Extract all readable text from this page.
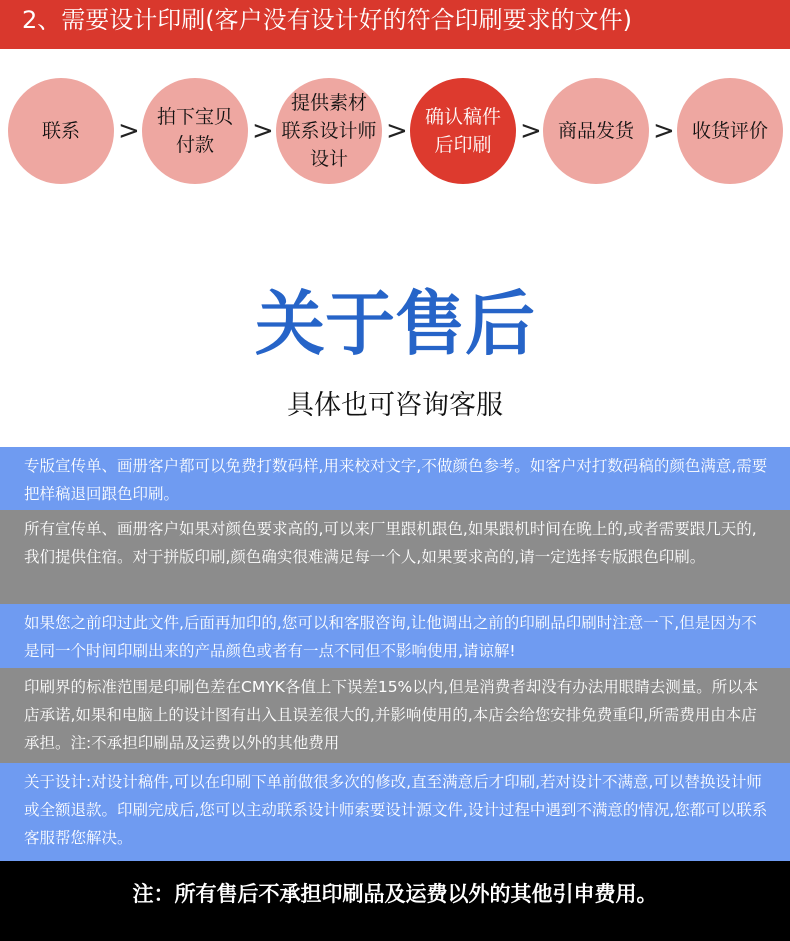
2、需要设计印刷(客户没有设计好的符合印刷要求的文件)
联系 > 拍下宝贝
付款	>
提供素材
联系设计师
设计
> 确认稿件
后印刷	> 商品发货 > 收货评价
关于售后
具体也可咨询客服
专版宣传单、画册客户都可以免费打数码样,用来校对文字,不做颜色参考。如客户对打数码稿的颜色满意,需要把样稿退回跟色印刷。
所有宣传单、画册客户如果对颜色要求高的,可以来厂里跟机跟色,如果跟机时间在晚上的,或者需要跟几天的,我们提供住宿。对于拼版印刷,颜色确实很难满足每一个人,如果要求高的,请一定选择专版跟色印刷。
如果您之前印过此文件,后面再加印的,您可以和客服咨询,让他调出之前的印刷品印刷时注意一下,但是因为不是同一个时间印刷出来的产品颜色或者有一点不同但不影响使用,请谅解!
印刷界的标准范围是印刷色差在CMYK各值上下误差15%以内,但是消费者却没有办法用眼睛去测量。所以本店承诺,如果和电脑上的设计图有出入且误差很大的,并影响使用的,本店会给您安排免费重印,所需费用由本店承担。注:不承担印刷品及运费以外的其他费用
关于设计:对设计稿件,可以在印刷下单前做很多次的修改,直至满意后才印刷,若对设计不满意,可以替换设计师或全额退款。印刷完成后,您可以主动联系设计师索要设计源文件,设计过程中遇到不满意的情况,您都可以联系客服帮您解决。
注：所有售后不承担印刷品及运费以外的其他引申费用。
